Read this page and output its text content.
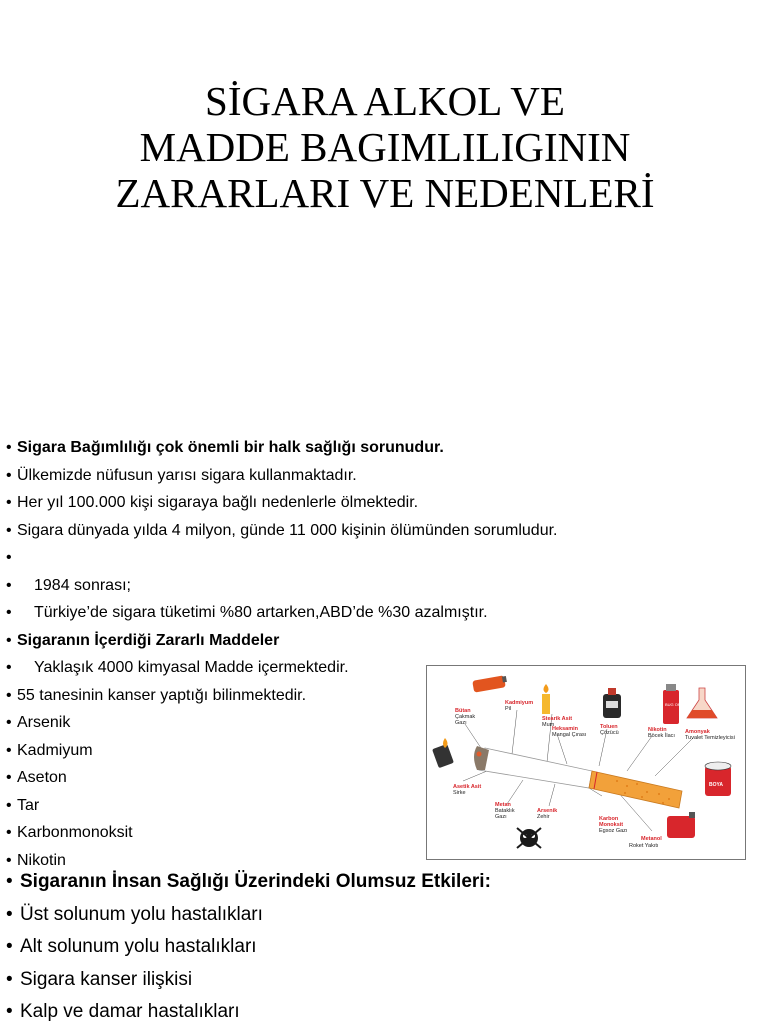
SİGARA ALKOL VE
MADDE BAGIMLILIGININ
ZARARLARI VE NEDENLERİ
• Sigara Bağımlılığı çok önemli bir halk sağlığı sorunudur.
• Ülkemizde nüfusun yarısı sigara kullanmaktadır.
• Her yıl 100.000 kişi sigaraya bağlı nedenlerle ölmektedir.
• Sigara dünyada yılda 4 milyon, günde 11 000 kişinin ölümünden sorumludur.
•
• 1984 sonrası;
• Türkiye’de sigara tüketimi %80 artarken,ABD’de %30 azalmıştır.
• Sigaranın İçerdiği Zararlı Maddeler
• Yaklaşık 4000 kimyasal Madde içermektedir.
• 55 tanesinin kanser yaptığı bilinmektedir.
• Arsenik
• Kadmiyum
• Aseton
• Tar
• Karbonmonoksit
• Nikotin
BUG OFF
BOYA
Bütan
Çakmak
Gazı
Kadmiyum
Pil
Stearik Asit
Mum	Toluen
Çözücü	Nikotin
Böcek İlacı
Amonyak
Tuvalet Temizleyicisi
Heksamin
Mangal Çırası
Asetik Asit
Sirke
Metan
Bataklık
Gazı
Arsenik
Zehir	Karbon
Monoksit
Egsoz Gazı
Metanol
Roket Yakıtı
• Sigaranın İnsan Sağlığı Üzerindeki Olumsuz Etkileri:
• Üst solunum yolu hastalıkları
• Alt solunum yolu hastalıkları
• Sigara kanser ilişkisi
• Kalp ve damar hastalıkları
